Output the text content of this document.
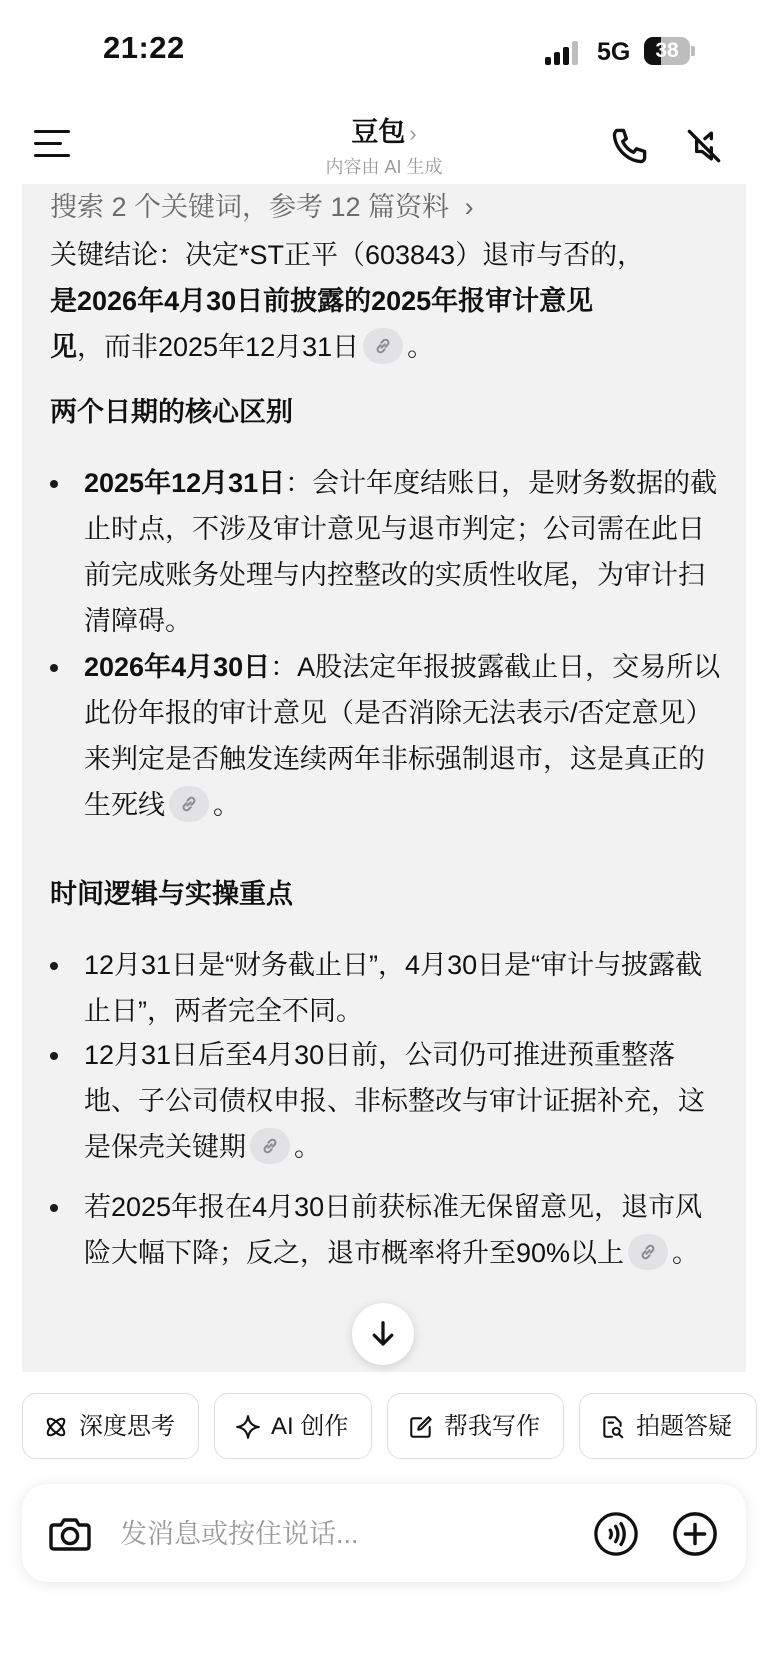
21:22	5G	38
豆包 ›
内容由 AI 生成
搜索 2 个关键词，参考 12 篇资料 ›
关键结论：决定*ST正平（603843）退市与否的，
是2026年4月30日前披露的2025年报审计意见
见，而非2025年12月31日 。
两个日期的核心区别
2025年12月31日：会计年度结账日，是财务数据的截止时点，不涉及审计意见与退市判定；公司需在此日前完成账务处理与内控整改的实质性收尾，为审计扫清障碍。
2026年4月30日：A股法定年报披露截止日，交易所以此份年报的审计意见（是否消除无法表示/否定意见）来判定是否触发连续两年非标强制退市，这是真正的生死线 。
时间逻辑与实操重点
12月31日是“财务截止日”，4月30日是“审计与披露截止日”，两者完全不同。
12月31日后至4月30日前，公司仍可推进预重整落地、子公司债权申报、非标整改与审计证据补充，这是保壳关键期 。
若2025年报在4月30日前获标准无保留意见，退市风险大幅下降；反之，退市概率将升至90%以上 。
深度思考	AI 创作	帮我写作	拍题答疑
发消息或按住说话...
